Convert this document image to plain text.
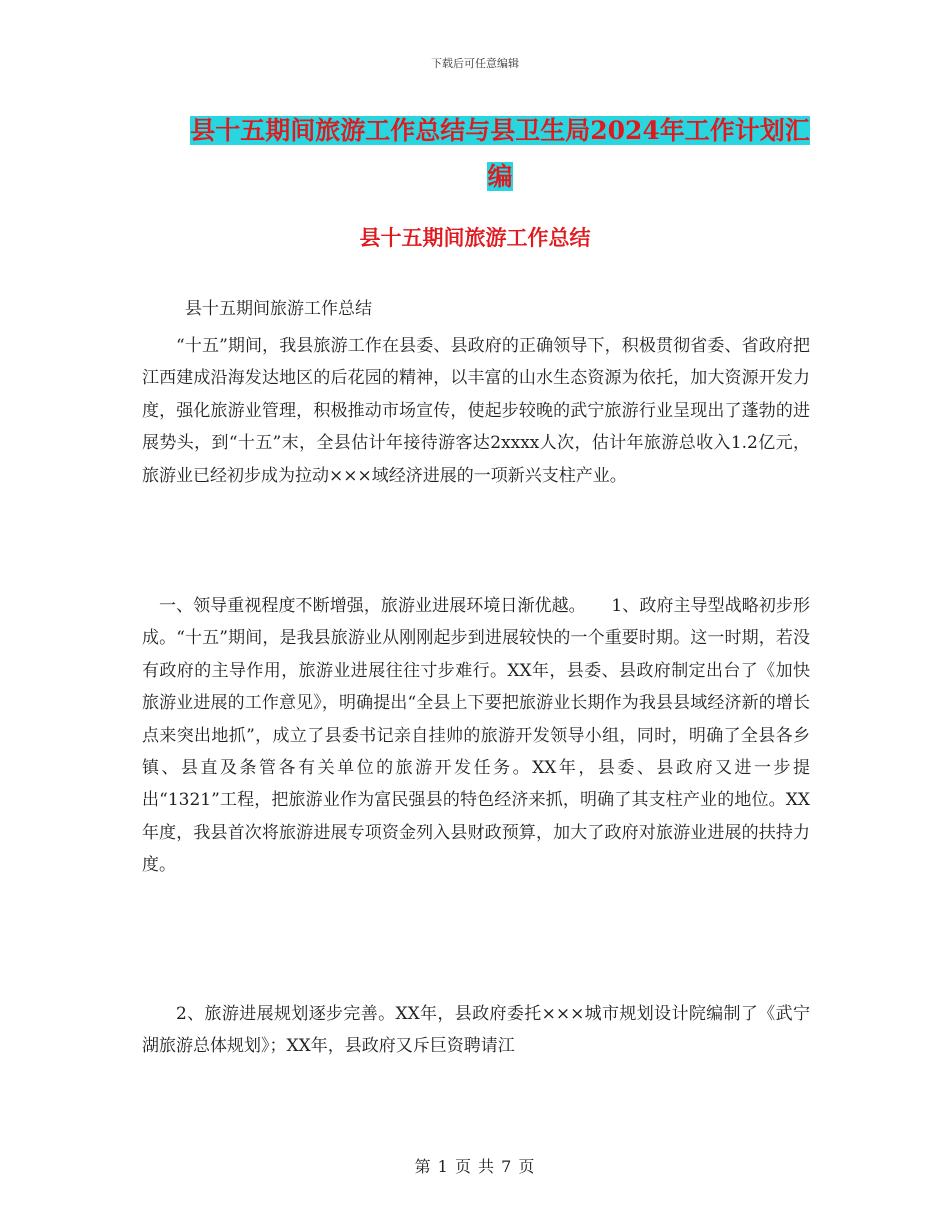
下载后可任意编辑
县十五期间旅游工作总结与县卫生局2024年工作计划汇编
县十五期间旅游工作总结
县十五期间旅游工作总结

“十五”期间，我县旅游工作在县委、县政府的正确领导下，积极贯彻省委、省政府把江西建成沿海发达地区的后花园的精神，以丰富的山水生态资源为依托，加大资源开发力度，强化旅游业管理，积极推动市场宣传，使起步较晚的武宁旅游行业呈现出了蓬勃的进展势头，到“十五”末，全县估计年接待游客达2xxxx人次，估计年旅游总收入1.2亿元，旅游业已经初步成为拉动×××域经济进展的一项新兴支柱产业。

一、领导重视程度不断增强，旅游业进展环境日渐优越。　　1、政府主导型战略初步形成。“十五”期间，是我县旅游业从刚刚起步到进展较快的一个重要时期。这一时期，若没有政府的主导作用，旅游业进展往往寸步难行。XX年，县委、县政府制定出台了《加快旅游业进展的工作意见》，明确提出“全县上下要把旅游业长期作为我县县域经济新的增长点来突出地抓”，成立了县委书记亲自挂帅的旅游开发领导小组，同时，明确了全县各乡镇、县直及条管各有关单位的旅游开发任务。XX年，县委、县政府又进一步提出“1321”工程，把旅游业作为富民强县的特色经济来抓，明确了其支柱产业的地位。XX年度，我县首次将旅游进展专项资金列入县财政预算，加大了政府对旅游业进展的扶持力度。

2、旅游进展规划逐步完善。XX年，县政府委托×××城市规划设计院编制了《武宁湖旅游总体规划》；XX年，县政府又斥巨资聘请江

第 1 页 共 7 页
